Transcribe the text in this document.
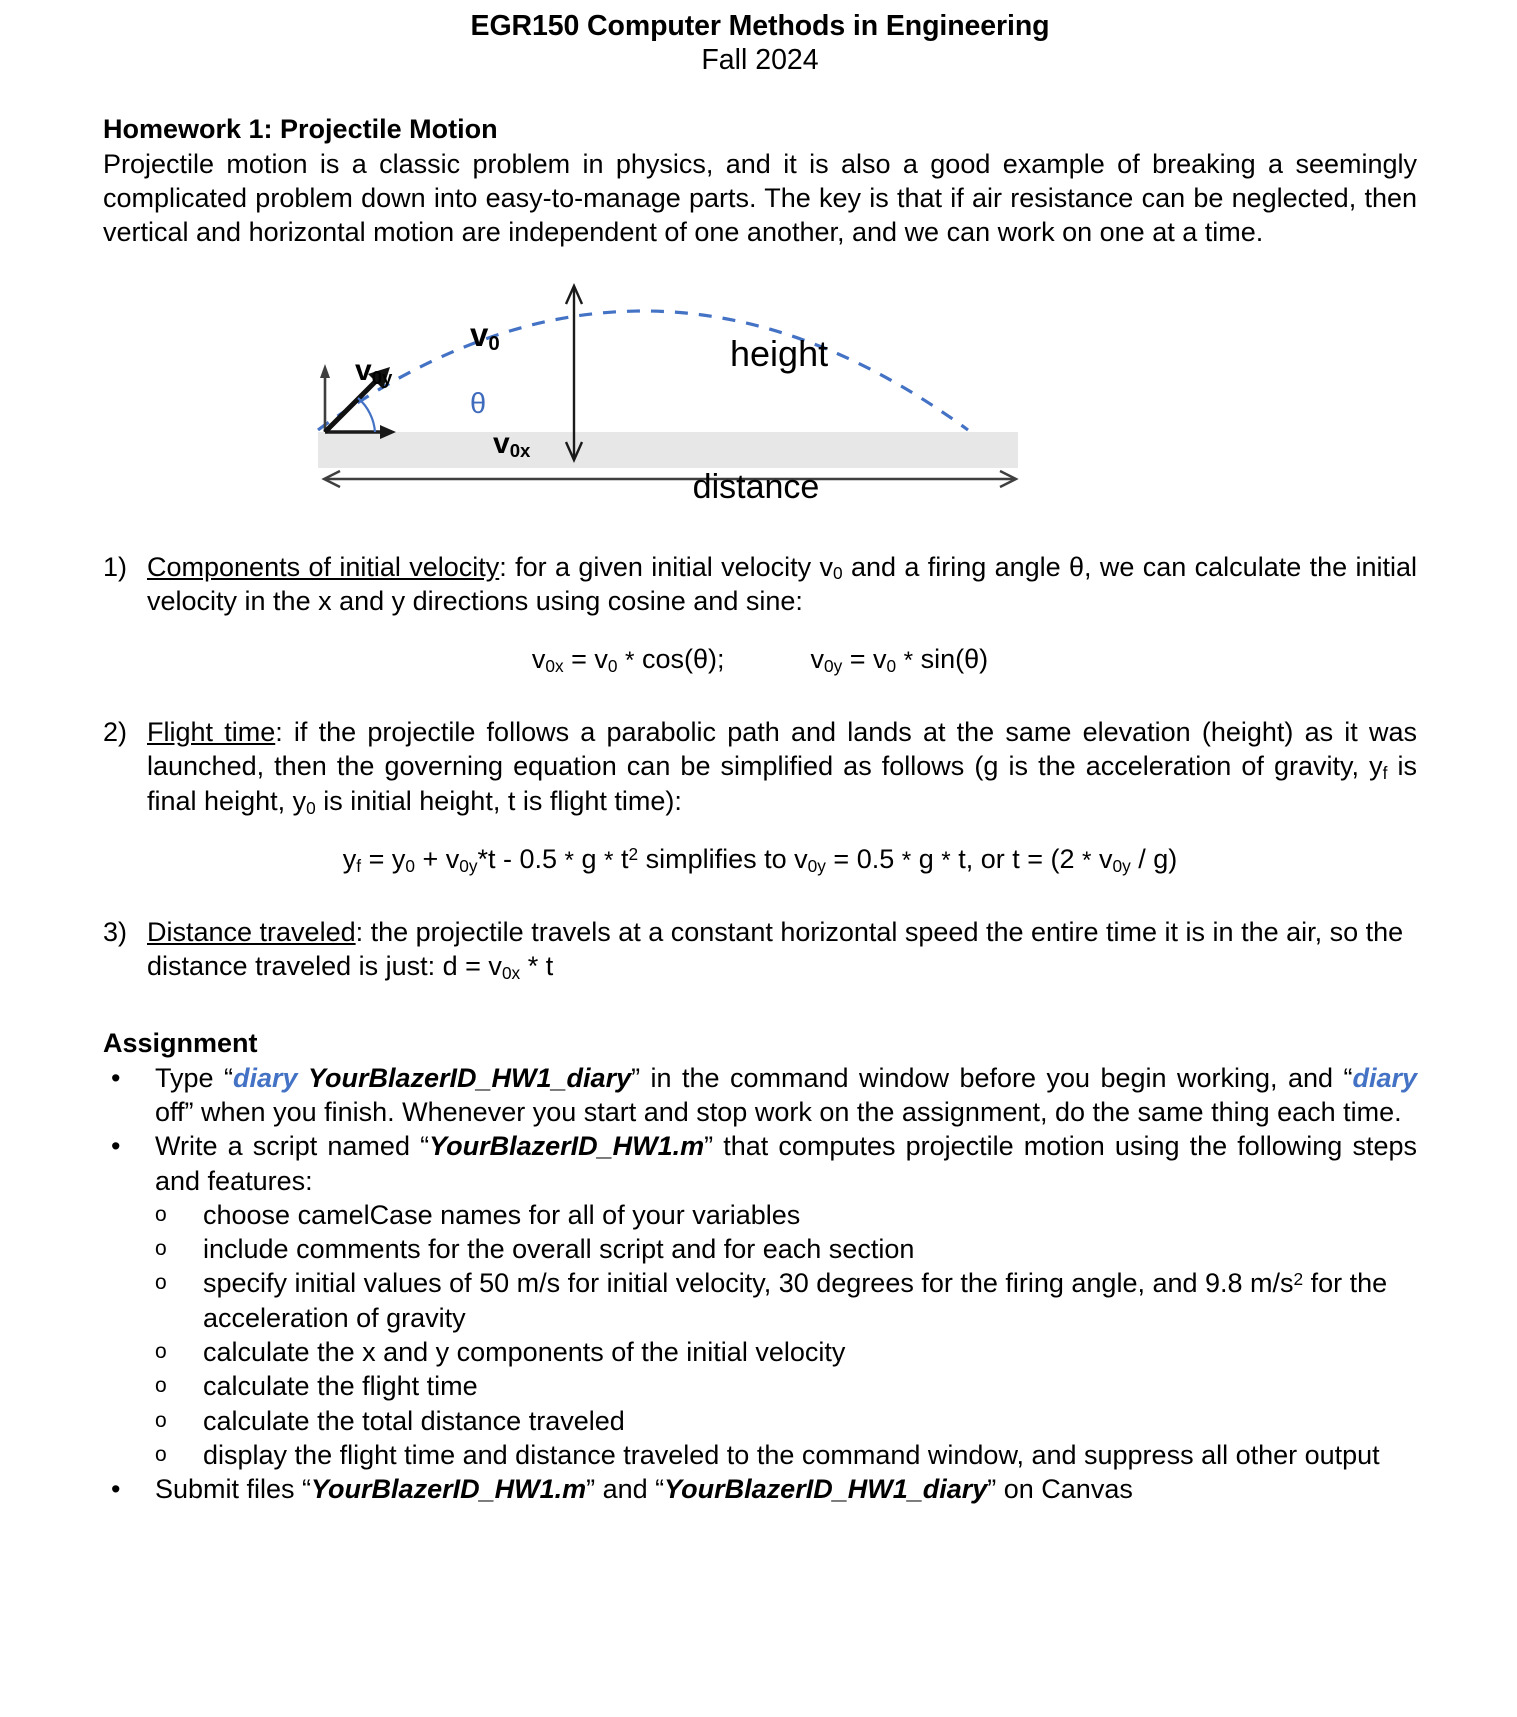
EGR150 Computer Methods in Engineering
Fall 2024
Homework 1: Projectile Motion
Projectile motion is a classic problem in physics, and it is also a good example of breaking a seemingly complicated problem down into easy-to-manage parts. The key is that if air resistance can be neglected, then vertical and horizontal motion are independent of one another, and we can work on one at a time.
$v_0$
$v_{0y}$
$v_{0x}$
θ
height
distance
1) Components of initial velocity: for a given initial velocity $v_0$ and a firing angle θ, we can calculate the initial velocity in the x and y directions using cosine and sine:
$v_{0x} = v_0 * \cos(\theta)$;	$v_{0y} = v_0 * \sin(\theta)$
2) Flight time: if the projectile follows a parabolic path and lands at the same elevation (height) as it was launched, then the governing equation can be simplified as follows (g is the acceleration of gravity, $y_f$ is final height, $y_0$ is initial height, t is flight time):
$y_f = y_0 + v_{0y}*t - 0.5 * g * t^2$ simplifies to $v_{0y} = 0.5 * g * t$, or $t = (2 * v_{0y} / g)$
3) Distance traveled: the projectile travels at a constant horizontal speed the entire time it is in the air, so the distance traveled is just: $d = v_{0x} * t$
Assignment
•	Type “diary YourBlazerID_HW1_diary” in the command window before you begin working, and “diary off” when you finish. Whenever you start and stop work on the assignment, do the same thing each time.
•	Write a script named “YourBlazerID_HW1.m” that computes projectile motion using the following steps and features:
o	choose camelCase names for all of your variables
o	include comments for the overall script and for each section
o	specify initial values of 50 m/s for initial velocity, 30 degrees for the firing angle, and 9.8 $m/s^2$ for the acceleration of gravity
o	calculate the x and y components of the initial velocity
o	calculate the flight time
o	calculate the total distance traveled
o	display the flight time and distance traveled to the command window, and suppress all other output
•	Submit files “YourBlazerID_HW1.m” and “YourBlazerID_HW1_diary” on Canvas
